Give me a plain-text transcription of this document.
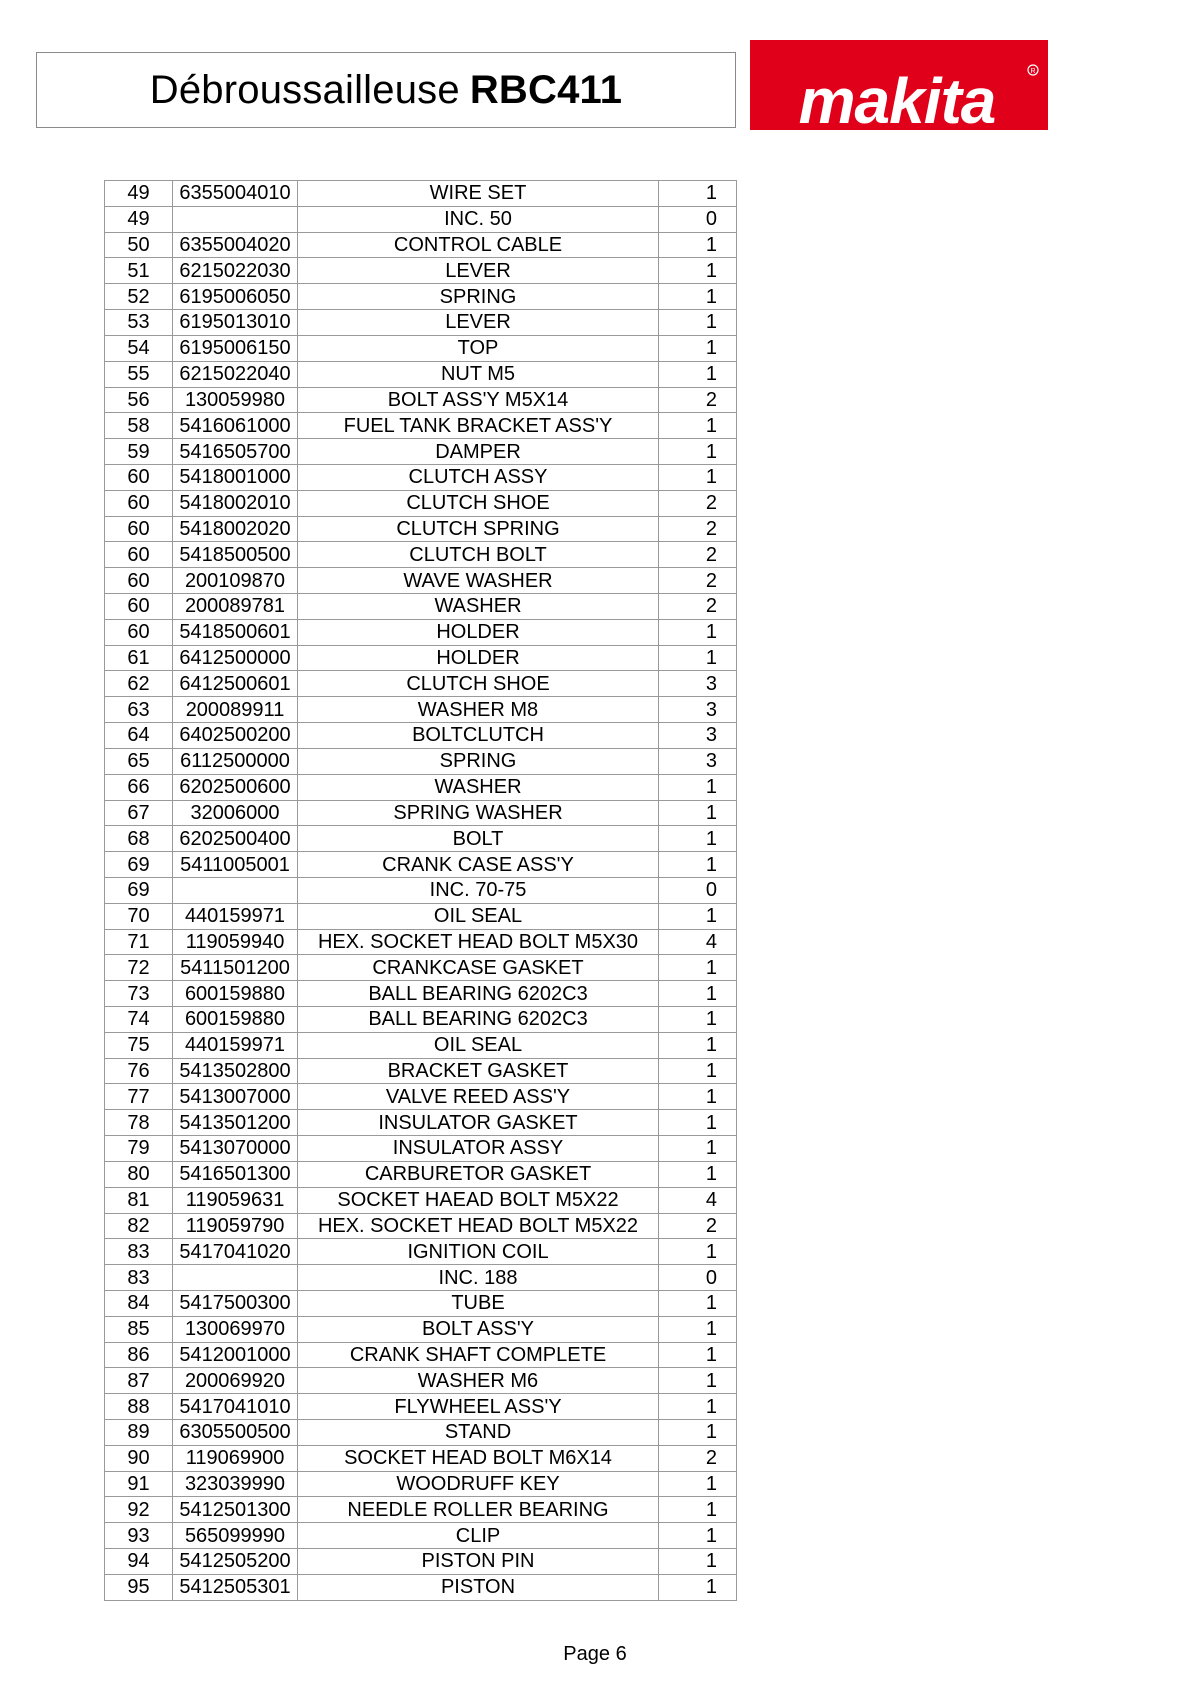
Débroussailleuse RBC411	makita	R
49	6355004010	WIRE SET	1
49		INC. 50	0
50	6355004020	CONTROL CABLE	1
51	6215022030	LEVER	1
52	6195006050	SPRING	1
53	6195013010	LEVER	1
54	6195006150	TOP	1
55	6215022040	NUT M5	1
56	130059980	BOLT ASS'Y M5X14	2
58	5416061000	FUEL TANK BRACKET ASS'Y	1
59	5416505700	DAMPER	1
60	5418001000	CLUTCH ASSY	1
60	5418002010	CLUTCH SHOE	2
60	5418002020	CLUTCH SPRING	2
60	5418500500	CLUTCH BOLT	2
60	200109870	WAVE WASHER	2
60	200089781	WASHER	2
60	5418500601	HOLDER	1
61	6412500000	HOLDER	1
62	6412500601	CLUTCH SHOE	3
63	200089911	WASHER M8	3
64	6402500200	BOLTCLUTCH	3
65	6112500000	SPRING	3
66	6202500600	WASHER	1
67	32006000	SPRING WASHER	1
68	6202500400	BOLT	1
69	5411005001	CRANK CASE ASS'Y	1
69		INC. 70-75	0
70	440159971	OIL SEAL	1
71	119059940	HEX. SOCKET HEAD BOLT M5X30	4
72	5411501200	CRANKCASE GASKET	1
73	600159880	BALL BEARING 6202C3	1
74	600159880	BALL BEARING 6202C3	1
75	440159971	OIL SEAL	1
76	5413502800	BRACKET GASKET	1
77	5413007000	VALVE REED ASS'Y	1
78	5413501200	INSULATOR GASKET	1
79	5413070000	INSULATOR ASSY	1
80	5416501300	CARBURETOR GASKET	1
81	119059631	SOCKET HAEAD BOLT M5X22	4
82	119059790	HEX. SOCKET HEAD BOLT M5X22	2
83	5417041020	IGNITION COIL	1
83		INC. 188	0
84	5417500300	TUBE	1
85	130069970	BOLT ASS'Y	1
86	5412001000	CRANK SHAFT COMPLETE	1
87	200069920	WASHER M6	1
88	5417041010	FLYWHEEL ASS'Y	1
89	6305500500	STAND	1
90	119069900	SOCKET HEAD BOLT M6X14	2
91	323039990	WOODRUFF KEY	1
92	5412501300	NEEDLE ROLLER BEARING	1
93	565099990	CLIP	1
94	5412505200	PISTON PIN	1
95	5412505301	PISTON	1
Page 6
